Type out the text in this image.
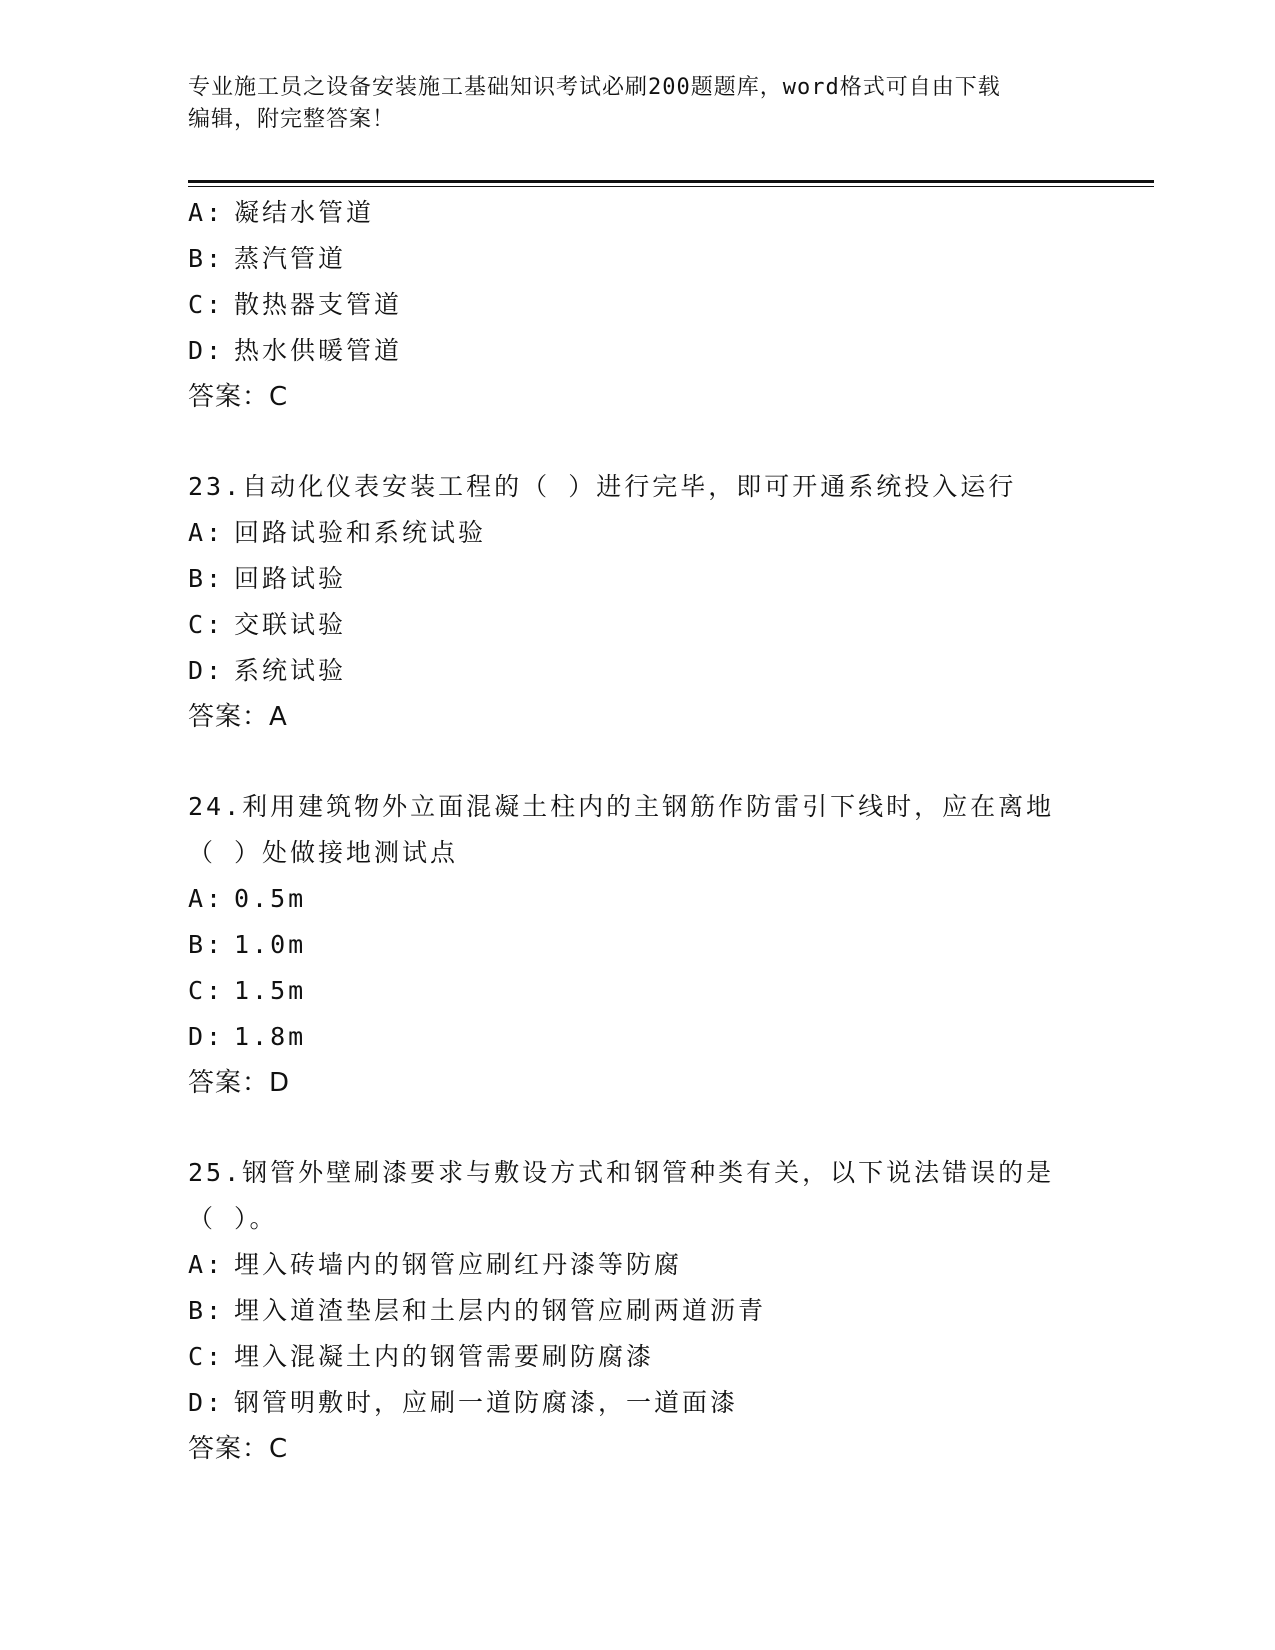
专业施工员之设备安装施工基础知识考试必刷200题题库，word格式可自由下载
编辑，附完整答案！
A: 凝结水管道
B: 蒸汽管道
C: 散热器支管道
D: 热水供暖管道
答案：C
23.自动化仪表安装工程的（ ）进行完毕，即可开通系统投入运行
A: 回路试验和系统试验
B: 回路试验
C: 交联试验
D: 系统试验
答案：A
24.利用建筑物外立面混凝土柱内的主钢筋作防雷引下线时，应在离地
（ ）处做接地测试点
A: 0.5m
B: 1.0m
C: 1.5m
D: 1.8m
答案：D
25.钢管外壁刷漆要求与敷设方式和钢管种类有关，以下说法错误的是
（ ）。
A: 埋入砖墙内的钢管应刷红丹漆等防腐
B: 埋入道渣垫层和土层内的钢管应刷两道沥青
C: 埋入混凝土内的钢管需要刷防腐漆
D: 钢管明敷时，应刷一道防腐漆，一道面漆
答案：C
